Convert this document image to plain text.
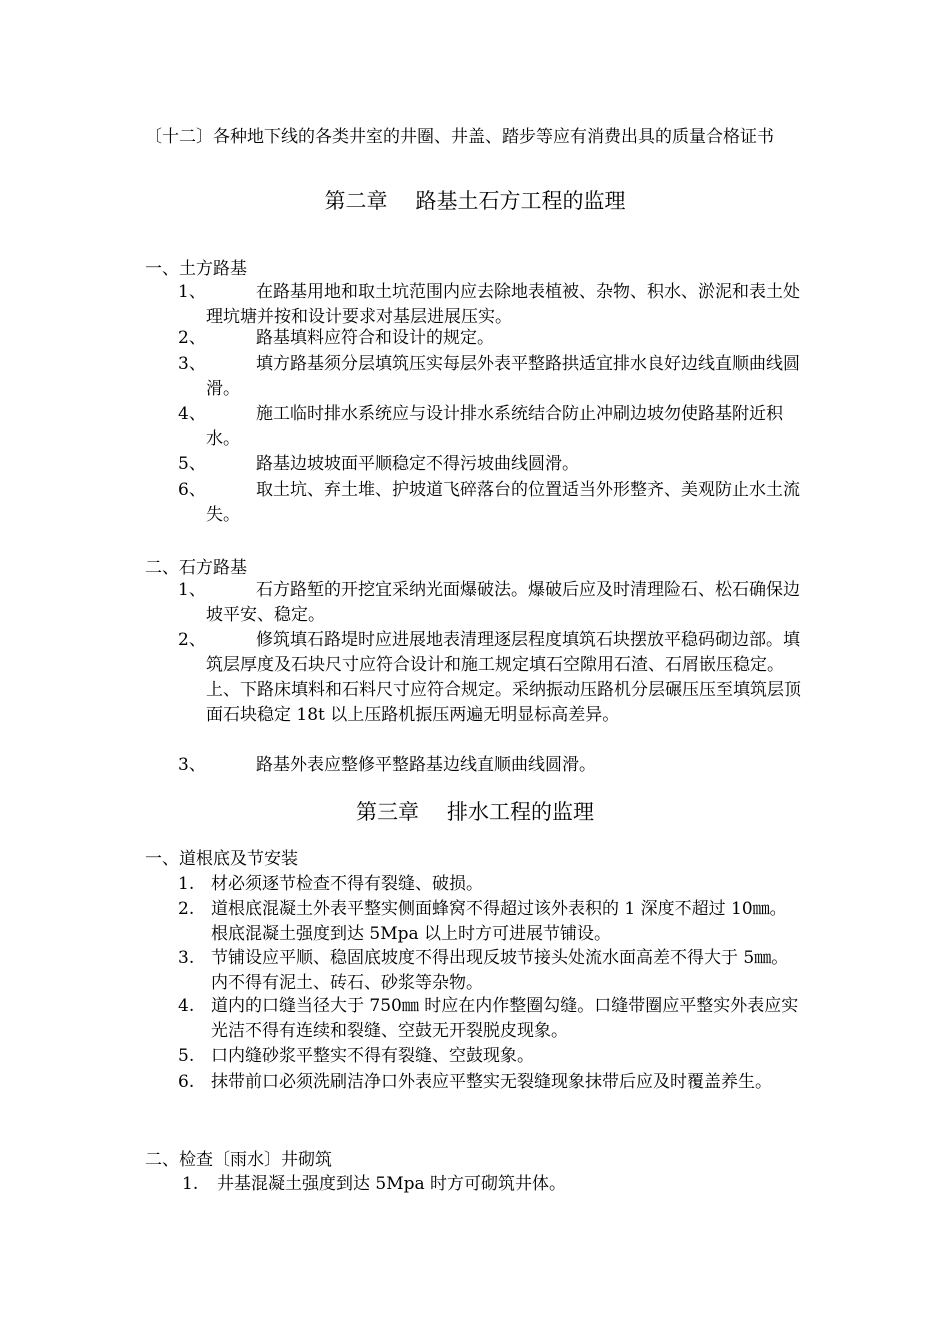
〔十二〕各种地下线的各类井室的井圈、井盖、踏步等应有消费出具的质量合格证书
第二章 路基土石方工程的监理
一、土方路基
1、	在路基用地和取土坑范围内应去除地表植被、杂物、积水、淤泥和表土处理坑塘并按和设计要求对基层进展压实。
2、	路基填料应符合和设计的规定。
3、	填方路基须分层填筑压实每层外表平整路拱适宜排水良好边线直顺曲线圆滑。
4、	施工临时排水系统应与设计排水系统结合防止冲刷边坡勿使路基附近积水。
5、	路基边坡坡面平顺稳定不得污坡曲线圆滑。
6、	取土坑、弃土堆、护坡道飞碎落台的位置适当外形整齐、美观防止水土流失。
二、石方路基
1、	石方路堑的开挖宜采纳光面爆破法。爆破后应及时清理险石、松石确保边坡平安、稳定。
2、	修筑填石路堤时应进展地表清理逐层程度填筑石块摆放平稳码砌边部。填筑层厚度及石块尺寸应符合设计和施工规定填石空隙用石渣、石屑嵌压稳定。上、下路床填料和石料尺寸应符合规定。采纳振动压路机分层碾压压至填筑层顶面石块稳定 18t 以上压路机振压两遍无明显标高差异。
3、	路基外表应整修平整路基边线直顺曲线圆滑。
第三章 排水工程的监理
一、道根底及节安装
1. 材必须逐节检查不得有裂缝、破损。
2. 道根底混凝土外表平整实侧面蜂窝不得超过该外表积的 1 深度不超过 10㎜。根底混凝土强度到达 5Mpa 以上时方可进展节铺设。
3. 节铺设应平顺、稳固底坡度不得出现反坡节接头处流水面高差不得大于 5㎜。内不得有泥土、砖石、砂浆等杂物。
4. 道内的口缝当径大于 750㎜ 时应在内作整圈勾缝。口缝带圈应平整实外表应实光洁不得有连续和裂缝、空鼓无开裂脱皮现象。
5. 口内缝砂浆平整实不得有裂缝、空鼓现象。
6. 抹带前口必须洗刷洁净口外表应平整实无裂缝现象抹带后应及时覆盖养生。
二、检查〔雨水〕井砌筑
1. 井基混凝土强度到达 5Mpa 时方可砌筑井体。
